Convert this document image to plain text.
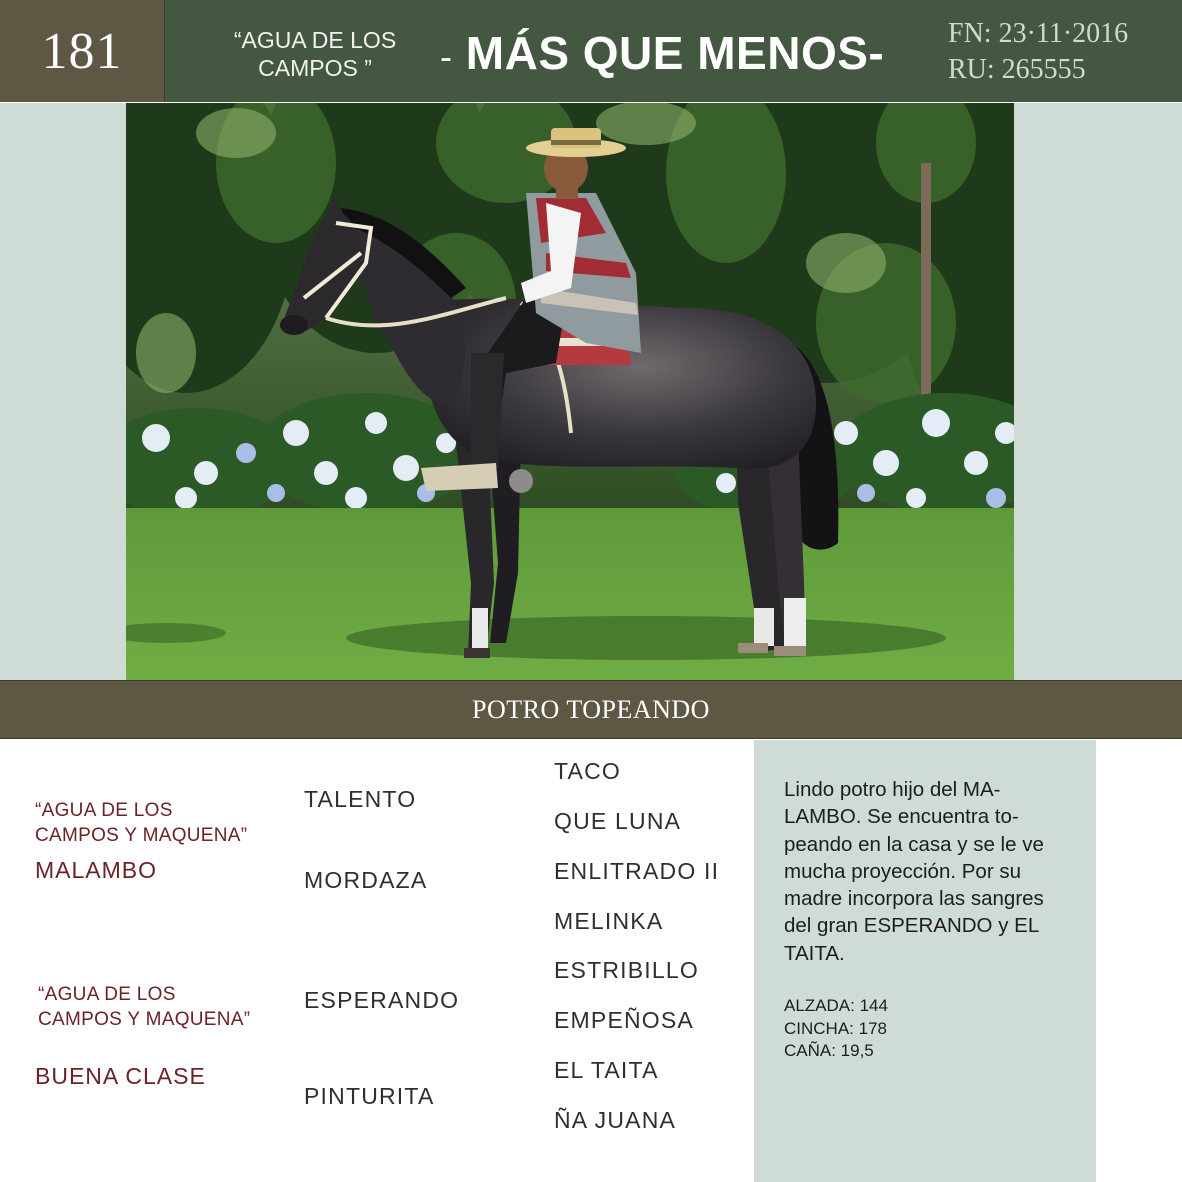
181	“AGUA DE LOS
CAMPOS ”	- MÁS QUE MENOS- FN: 23·11·2016
RU: 265555
POTRO TOPEANDO
“AGUA DE LOS
CAMPOS Y MAQUENA”
MALAMBO
“AGUA DE LOS
CAMPOS Y MAQUENA”
BUENA CLASE
TALENTO
MORDAZA
ESPERANDO
PINTURITA
TACO
QUE LUNA
ENLITRADO II
MELINKA
ESTRIBILLO
EMPEÑOSA
EL TAITA
ÑA JUANA
Lindo potro hijo del MA-
LAMBO. Se encuentra to-
peando en la casa y se le ve
mucha proyección. Por su
madre incorpora las sangres
del gran ESPERANDO y EL
TAITA.
ALZADA: 144
CINCHA: 178
CAÑA: 19,5
